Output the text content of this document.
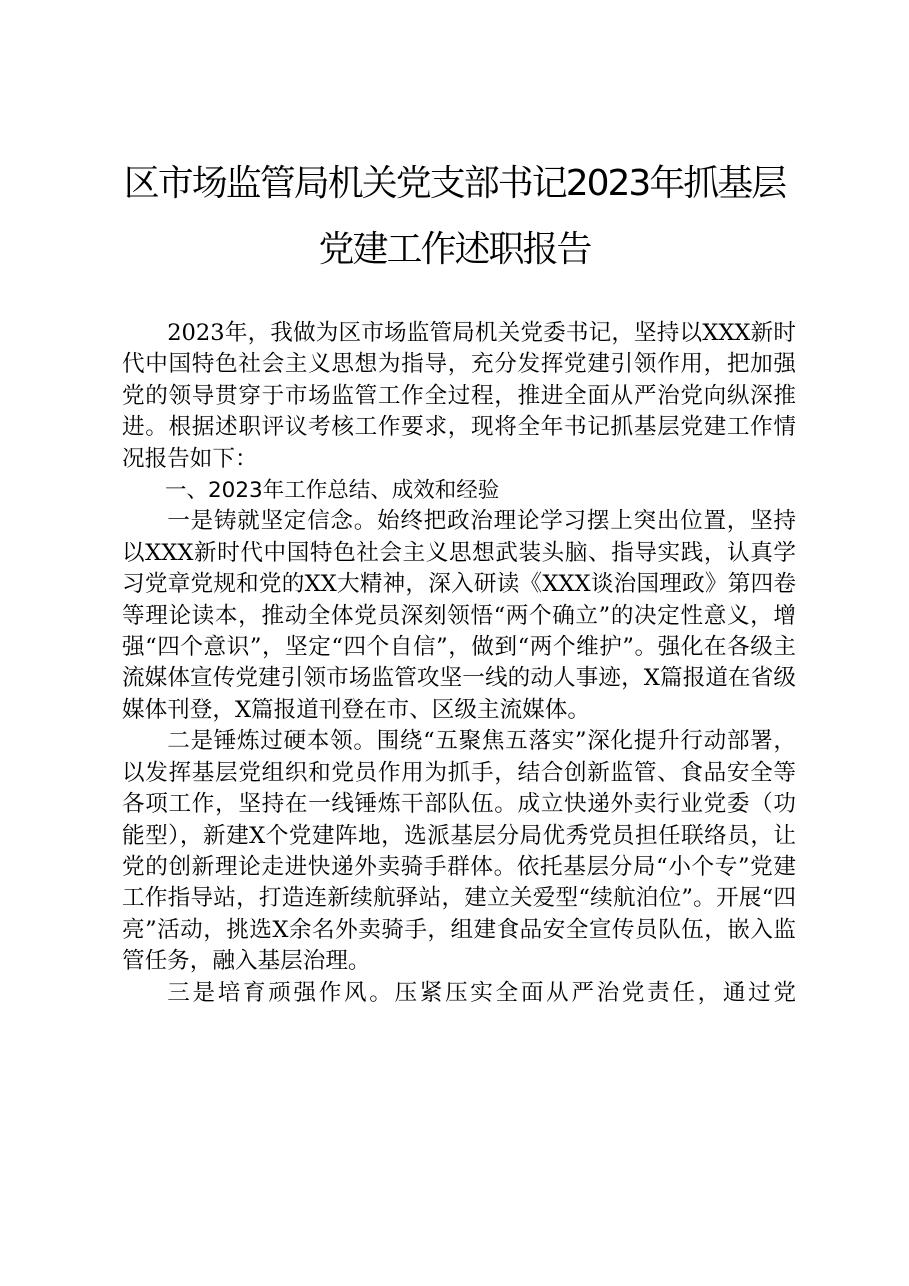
区市场监管局机关党支部书记2023年抓基层
党建工作述职报告

2023年，我做为区市场监管局机关党委书记，坚持以XXX新时代中国特色社会主义思想为指导，充分发挥党建引领作用，把加强党的领导贯穿于市场监管工作全过程，推进全面从严治党向纵深推进。根据述职评议考核工作要求，现将全年书记抓基层党建工作情况报告如下：

一、2023年工作总结、成效和经验

一是铸就坚定信念。始终把政治理论学习摆上突出位置，坚持以XXX新时代中国特色社会主义思想武装头脑、指导实践，认真学习党章党规和党的XX大精神，深入研读《XXX谈治国理政》第四卷等理论读本，推动全体党员深刻领悟“两个确立”的决定性意义，增强“四个意识”，坚定“四个自信”，做到“两个维护”。强化在各级主流媒体宣传党建引领市场监管攻坚一线的动人事迹，X篇报道在省级媒体刊登，X篇报道刊登在市、区级主流媒体。

二是锤炼过硬本领。围绕“五聚焦五落实”深化提升行动部署，以发挥基层党组织和党员作用为抓手，结合创新监管、食品安全等各项工作，坚持在一线锤炼干部队伍。成立快递外卖行业党委（功能型），新建X个党建阵地，选派基层分局优秀党员担任联络员，让党的创新理论走进快递外卖骑手群体。依托基层分局“小个专”党建工作指导站，打造连新续航驿站，建立关爱型“续航泊位”。开展“四亮”活动，挑选X余名外卖骑手，组建食品安全宣传员队伍，嵌入监管任务，融入基层治理。

三是培育顽强作风。压紧压实全面从严治党责任，通过党
